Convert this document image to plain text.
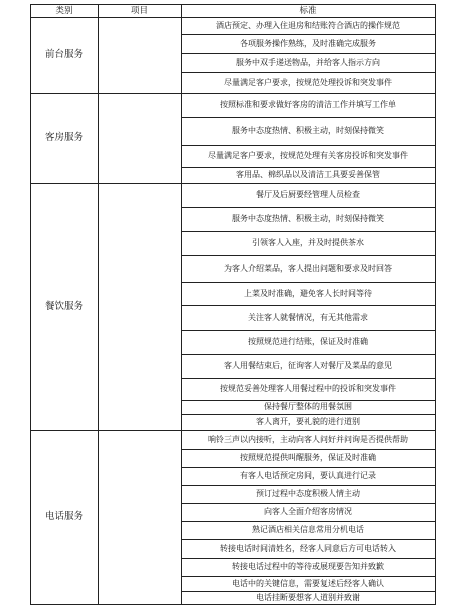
类别	项目	标准
前台服务
酒店预定、办理入住退房和结账符合酒店的操作规范
各项服务操作熟练，及时准确完成服务
服务中双手递送物品，并给客人指示方向
尽量满足客户要求，按规范处理投诉和突发事件
客房服务
按照标准和要求做好客房的清洁工作并填写工作单
服务中态度热情、积极主动，时刻保持微笑
尽量满足客户要求，按规范处理有关客房投诉和突发事件
客用品、棉织品以及清洁工具要妥善保管
餐饮服务
餐厅及后厨要经管理人员检查
服务中态度热情、积极主动，时刻保持微笑
引领客人入座，并及时提供茶水
为客人介绍菜品，客人提出问题和要求及时回答
上菜及时准确，避免客人长时间等待
关注客人就餐情况，有无其他需求
按照规范进行结账，保证及时准确
客人用餐结束后，征询客人对餐厅及菜品的意见
按规范妥善处理客人用餐过程中的投诉和突发事件
保持餐厅整体的用餐氛围
客人离开，要礼貌的进行道别
电话服务
响铃三声以内接听，主动向客人问好并问询是否提供帮助
按照规范提供叫醒服务，保证及时准确
有客人电话预定房间，要认真进行记录
预订过程中态度积极人情主动
向客人全面介绍客房情况
熟记酒店相关信息常用分机电话
转接电话时间清姓名，经客人同意后方可电话转入
转接电话过程中的等待或展现要告知并致歉
电话中的关键信息，需要复述后经客人确认
电话挂断要想客人道别并致谢
